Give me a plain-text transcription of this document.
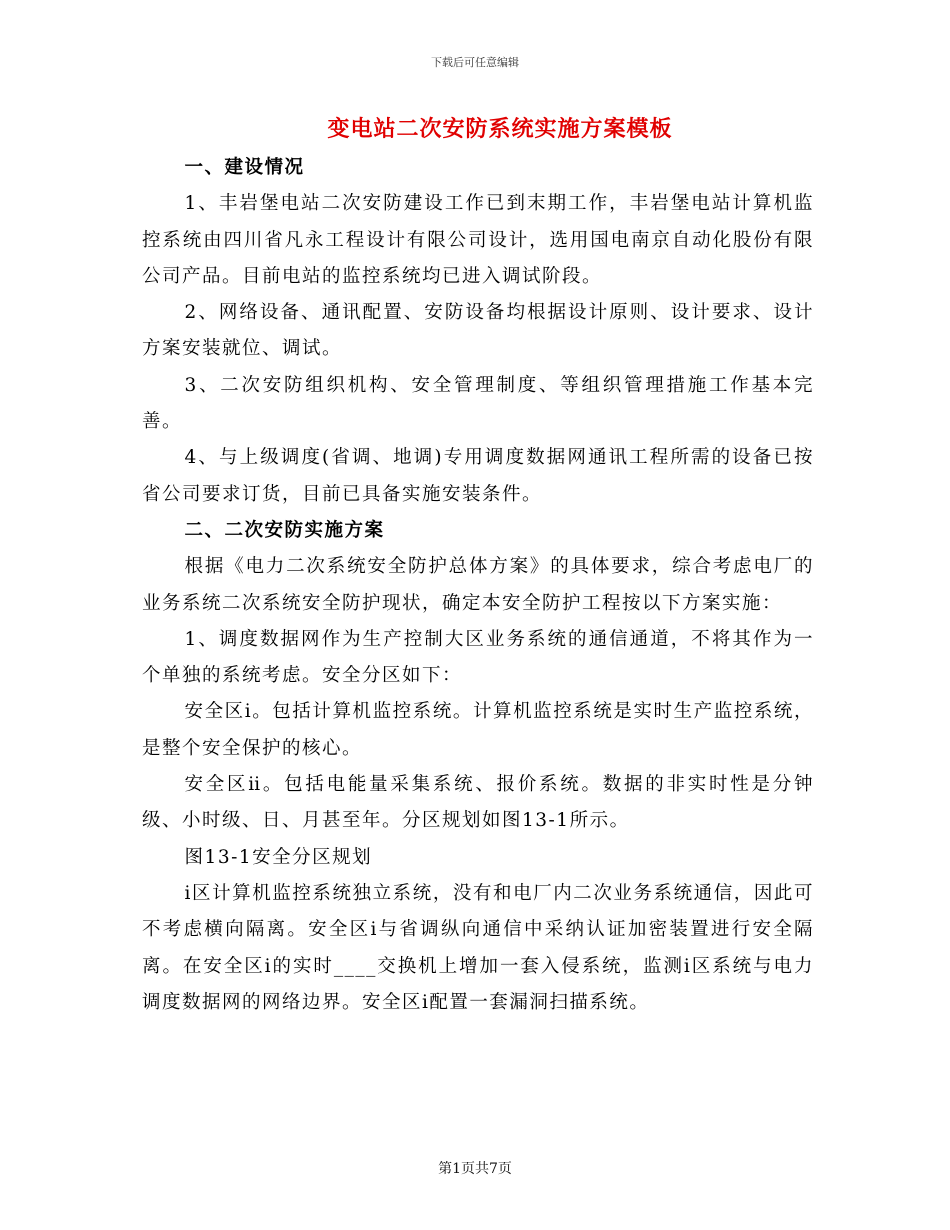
下载后可任意编辑
变电站二次安防系统实施方案模板

一、建设情况

1、丰岩堡电站二次安防建设工作已到末期工作，丰岩堡电站计算机监控系统由四川省凡永工程设计有限公司设计，选用国电南京自动化股份有限公司产品。目前电站的监控系统均已进入调试阶段。

2、网络设备、通讯配置、安防设备均根据设计原则、设计要求、设计方案安装就位、调试。

3、二次安防组织机构、安全管理制度、等组织管理措施工作基本完善。

4、与上级调度(省调、地调)专用调度数据网通讯工程所需的设备已按省公司要求订货，目前已具备实施安装条件。

二、二次安防实施方案

根据《电力二次系统安全防护总体方案》的具体要求，综合考虑电厂的业务系统二次系统安全防护现状，确定本安全防护工程按以下方案实施：

1、调度数据网作为生产控制大区业务系统的通信通道，不将其作为一个单独的系统考虑。安全分区如下：

安全区ⅰ。包括计算机监控系统。计算机监控系统是实时生产监控系统，是整个安全保护的核心。

安全区ⅱ。包括电能量采集系统、报价系统。数据的非实时性是分钟级、小时级、日、月甚至年。分区规划如图13-1所示。

图13-1安全分区规划

ⅰ区计算机监控系统独立系统，没有和电厂内二次业务系统通信，因此可不考虑横向隔离。安全区ⅰ与省调纵向通信中采纳认证加密装置进行安全隔离。在安全区ⅰ的实时____交换机上增加一套入侵系统，监测ⅰ区系统与电力调度数据网的网络边界。安全区ⅰ配置一套漏洞扫描系统。

第1页共7页
